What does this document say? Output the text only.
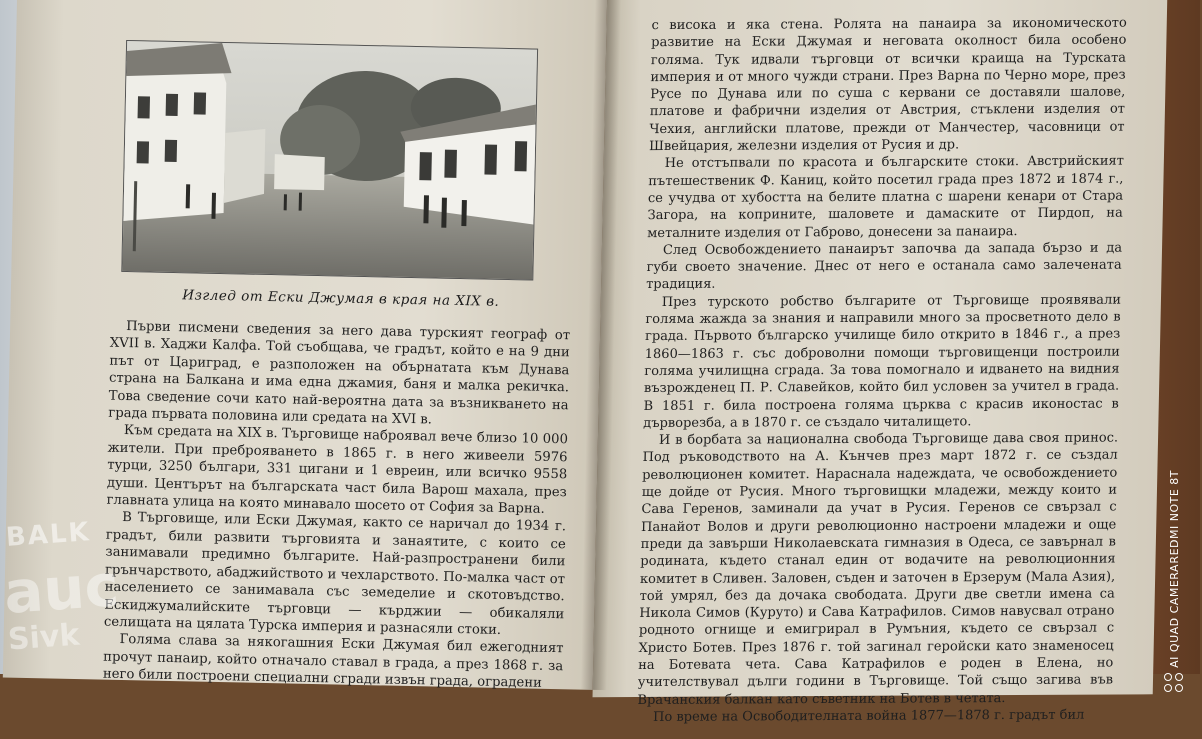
Изглед от Ески Джумая в края на XIX в.

Първи писмени сведения за него дава турският географ от XVII в. Хаджи Калфа. Той съобщава, че градът, който е на 9 дни път от Цариград, е разположен на обърнатата към Дунава страна на Балкана и има една джамия, баня и малка рекичка. Това сведение сочи като най-вероятна дата за възникването на града първата половина или средата на XVI в.

Към средата на XIX в. Търговище наброявал вече близо 10 000 жители. При преброяването в 1865 г. в него живеели 5976 турци, 3250 българи, 331 цигани и 1 евреин, или всичко 9558 души. Центърът на българската част била Варош махала, през главната улица на която минавало шосето от София за Варна.

В Търговище, или Ески Джумая, както се наричал до 1934 г. градът, били развити търговията и занаятите, с които се занимавали предимно българите. Най-разпространени били грънчарството, абаджийството и чехларството. По-малка част от населението се занимавала със земеделие и скотовъдство. Ескиджумалийските търговци — кърджии — обикаляли селищата на цялата Турска империя и разнасяли стоки.

Голяма слава за някогашния Ески Джумая бил ежегодният прочут панаир, който отначало ставал в града, а през 1868 г. за него били построени специални сгради извън града, оградени

с висока и яка стена. Ролята на панаира за икономическото развитие на Ески Джумая и неговата околност била особено голяма. Тук идвали търговци от всички краища на Турската империя и от много чужди страни. През Варна по Черно море, през Русе по Дунава или по суша с кервани се доставяли шалове, платове и фабрични изделия от Австрия, стъклени изделия от Чехия, английски платове, прежди от Манчестер, часовници от Швейцария, железни изделия от Русия и др.

Не отстъпвали по красота и българските стоки. Австрийският пътешественик Ф. Каниц, който посетил града през 1872 и 1874 г., се учудва от хубостта на белите платна с шарени кенари от Стара Загора, на коприните, шаловете и дамаските от Пирдоп, на металните изделия от Габрово, донесени за панаира.

След Освобождението панаирът започва да запада бързо и да губи своето значение. Днес от него е останала само залечената традиция.

През турското робство българите от Търговище проявявали голяма жажда за знания и направили много за просветното дело в града. Първото българско училище било открито в 1846 г., а през 1860—1863 г. със доброволни помощи търговищенци построили голяма училищна сграда. За това помогнало и идването на видния възрожденец П. Р. Славейков, който бил условен за учител в града. В 1851 г. била построена голяма църква с красив иконостас в дърворезба, а в 1870 г. се създало читалището.

И в борбата за национална свобода Търговище дава своя принос. Под ръководството на А. Кънчев през март 1872 г. се създал революционен комитет. Нараснала надеждата, че освобождението ще дойде от Русия. Много търговищки младежи, между които и Сава Геренов, заминали да учат в Русия. Геренов се свързал с Панайот Волов и други революционно настроени младежи и още преди да завърши Николаевската гимназия в Одеса, се завърнал в родината, където станал един от водачите на революционния комитет в Сливен. Заловен, съден и заточен в Ерзерум (Мала Азия), той умрял, без да дочака свободата. Други две светли имена са Никола Симов (Куруто) и Сава Катрафилов. Симов навусвал отрано родното огнище и емигрирал в Румъния, където се свързал с Христо Ботев. През 1876 г. той загинал геройски като знаменосец на Ботевата чета. Сава Катрафилов е роден в Елена, но учителствувал дълги години в Търговище. Той също загива във Врачанския балкан като съветник на Ботев в четата.

По време на Освободителната война 1877—1878 г. градът бил

BALK
auc
Sivk
REDMI NOTE 8T
AI QUAD CAMERA
